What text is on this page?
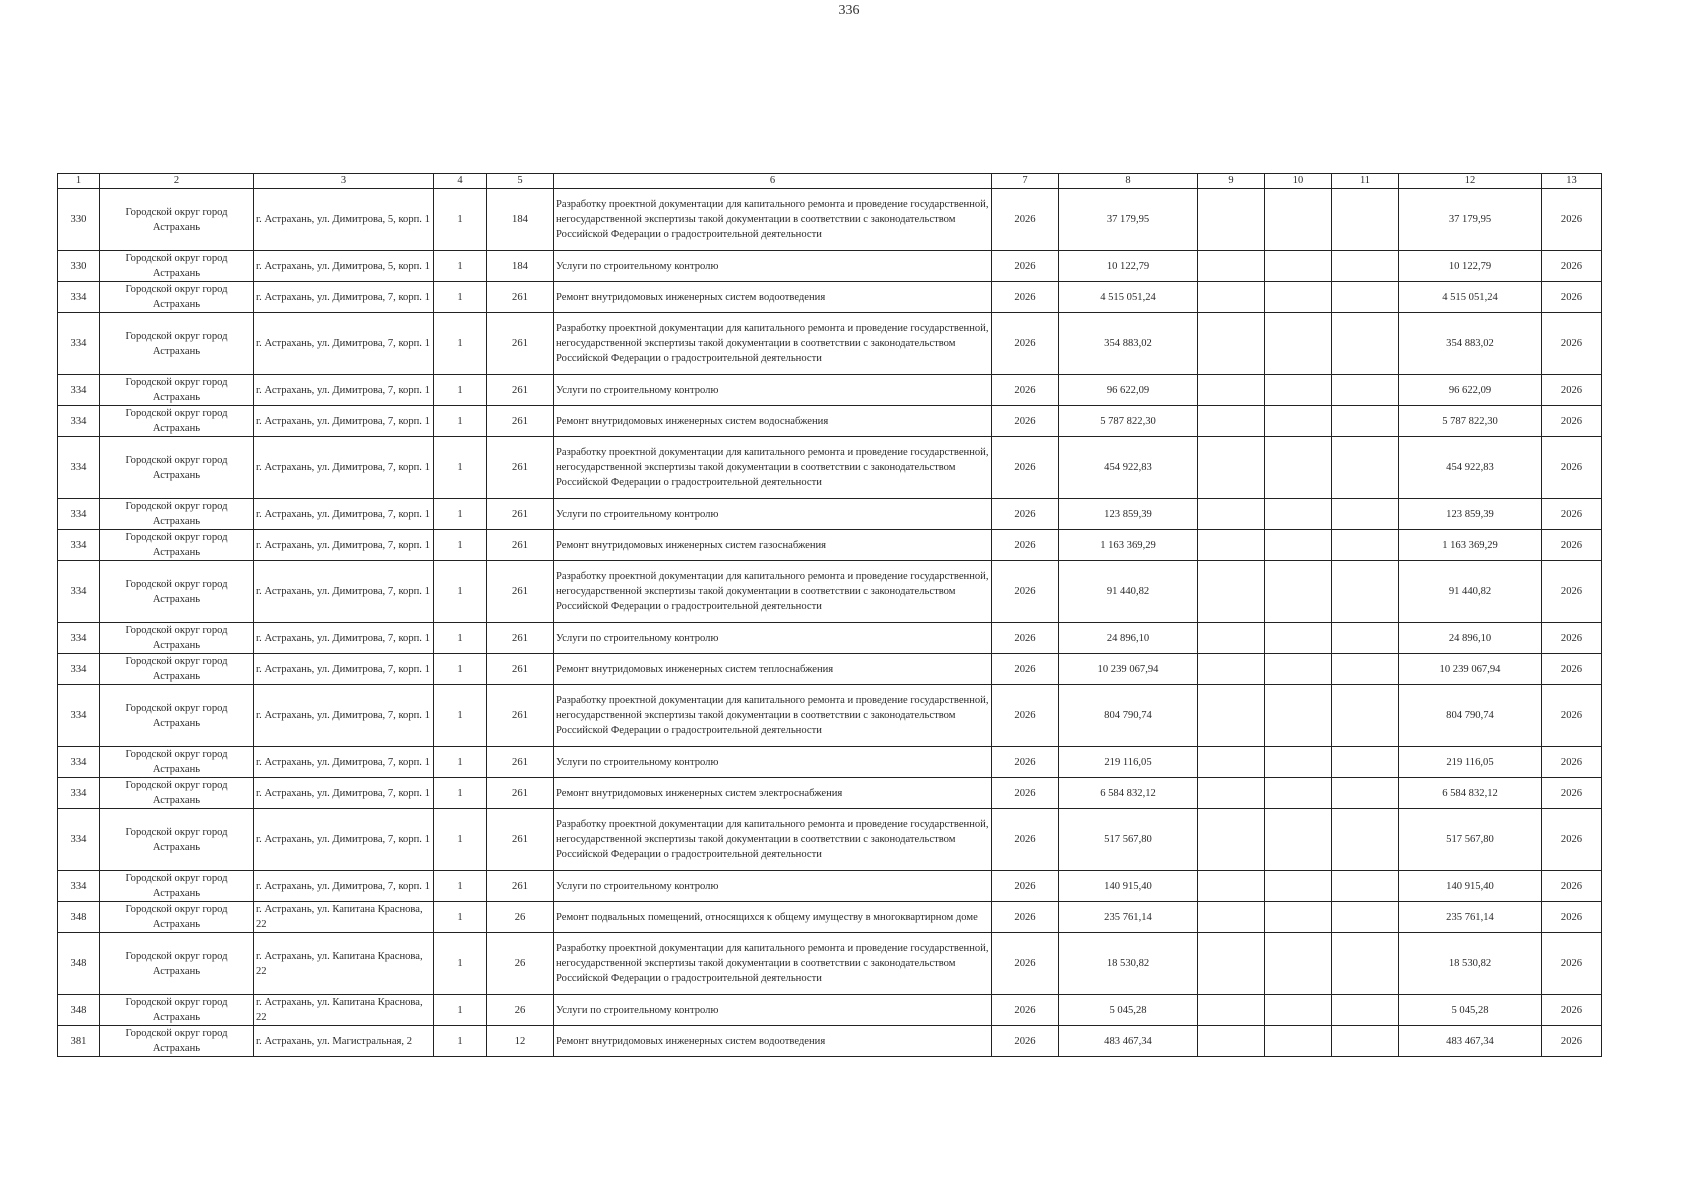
336
1	2	3	4	5	6	7	8	9	10	11	12	13
330	Городской округ город Астрахань	г. Астрахань, ул. Димитрова, 5, корп. 1	1	184	Разработку проектной документации для капитального ремонта и проведение государственной, негосударственной экспертизы такой документации в соответствии с законодательством Российской Федерации о градостроительной деятельности	2026	37 179,95				37 179,95	2026
330	Городской округ город Астрахань	г. Астрахань, ул. Димитрова, 5, корп. 1	1	184	Услуги по строительному контролю	2026	10 122,79				10 122,79	2026
334	Городской округ город Астрахань	г. Астрахань, ул. Димитрова, 7, корп. 1	1	261	Ремонт внутридомовых инженерных систем водоотведения	2026	4 515 051,24				4 515 051,24	2026
334	Городской округ город Астрахань	г. Астрахань, ул. Димитрова, 7, корп. 1	1	261	Разработку проектной документации для капитального ремонта и проведение государственной, негосударственной экспертизы такой документации в соответствии с законодательством Российской Федерации о градостроительной деятельности	2026	354 883,02				354 883,02	2026
334	Городской округ город Астрахань	г. Астрахань, ул. Димитрова, 7, корп. 1	1	261	Услуги по строительному контролю	2026	96 622,09				96 622,09	2026
334	Городской округ город Астрахань	г. Астрахань, ул. Димитрова, 7, корп. 1	1	261	Ремонт внутридомовых инженерных систем водоснабжения	2026	5 787 822,30				5 787 822,30	2026
334	Городской округ город Астрахань	г. Астрахань, ул. Димитрова, 7, корп. 1	1	261	Разработку проектной документации для капитального ремонта и проведение государственной, негосударственной экспертизы такой документации в соответствии с законодательством Российской Федерации о градостроительной деятельности	2026	454 922,83				454 922,83	2026
334	Городской округ город Астрахань	г. Астрахань, ул. Димитрова, 7, корп. 1	1	261	Услуги по строительному контролю	2026	123 859,39				123 859,39	2026
334	Городской округ город Астрахань	г. Астрахань, ул. Димитрова, 7, корп. 1	1	261	Ремонт внутридомовых инженерных систем газоснабжения	2026	1 163 369,29				1 163 369,29	2026
334	Городской округ город Астрахань	г. Астрахань, ул. Димитрова, 7, корп. 1	1	261	Разработку проектной документации для капитального ремонта и проведение государственной, негосударственной экспертизы такой документации в соответствии с законодательством Российской Федерации о градостроительной деятельности	2026	91 440,82				91 440,82	2026
334	Городской округ город Астрахань	г. Астрахань, ул. Димитрова, 7, корп. 1	1	261	Услуги по строительному контролю	2026	24 896,10				24 896,10	2026
334	Городской округ город Астрахань	г. Астрахань, ул. Димитрова, 7, корп. 1	1	261	Ремонт внутридомовых инженерных систем теплоснабжения	2026	10 239 067,94				10 239 067,94	2026
334	Городской округ город Астрахань	г. Астрахань, ул. Димитрова, 7, корп. 1	1	261	Разработку проектной документации для капитального ремонта и проведение государственной, негосударственной экспертизы такой документации в соответствии с законодательством Российской Федерации о градостроительной деятельности	2026	804 790,74				804 790,74	2026
334	Городской округ город Астрахань	г. Астрахань, ул. Димитрова, 7, корп. 1	1	261	Услуги по строительному контролю	2026	219 116,05				219 116,05	2026
334	Городской округ город Астрахань	г. Астрахань, ул. Димитрова, 7, корп. 1	1	261	Ремонт внутридомовых инженерных систем электроснабжения	2026	6 584 832,12				6 584 832,12	2026
334	Городской округ город Астрахань	г. Астрахань, ул. Димитрова, 7, корп. 1	1	261	Разработку проектной документации для капитального ремонта и проведение государственной, негосударственной экспертизы такой документации в соответствии с законодательством Российской Федерации о градостроительной деятельности	2026	517 567,80				517 567,80	2026
334	Городской округ город Астрахань	г. Астрахань, ул. Димитрова, 7, корп. 1	1	261	Услуги по строительному контролю	2026	140 915,40				140 915,40	2026
348	Городской округ город Астрахань	г. Астрахань, ул. Капитана Краснова, 22	1	26	Ремонт подвальных помещений, относящихся к общему имуществу в многоквартирном доме	2026	235 761,14				235 761,14	2026
348	Городской округ город Астрахань	г. Астрахань, ул. Капитана Краснова, 22	1	26	Разработку проектной документации для капитального ремонта и проведение государственной, негосударственной экспертизы такой документации в соответствии с законодательством Российской Федерации о градостроительной деятельности	2026	18 530,82				18 530,82	2026
348	Городской округ город Астрахань	г. Астрахань, ул. Капитана Краснова, 22	1	26	Услуги по строительному контролю	2026	5 045,28				5 045,28	2026
381	Городской округ город Астрахань	г. Астрахань, ул. Магистральная, 2	1	12	Ремонт внутридомовых инженерных систем водоотведения	2026	483 467,34				483 467,34	2026
